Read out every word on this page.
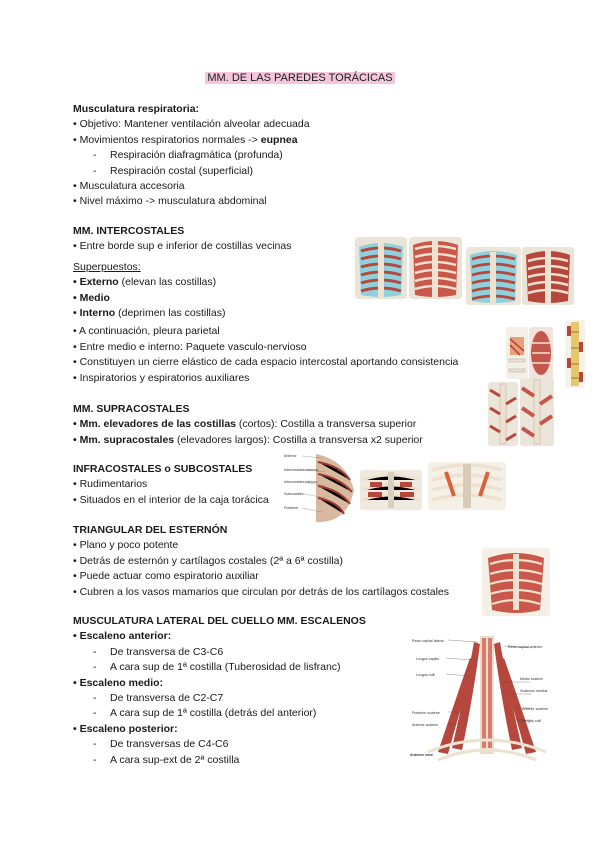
MM. DE LAS PAREDES TORÁCICAS
Musculatura respiratoria:
• Objetivo: Mantener ventilación alveolar adecuada
• Movimientos respiratorios normales -> eupnea
- Respiración diafragmática (profunda)
- Respiración costal (superficial)
• Musculatura accesoria
• Nivel máximo -> musculatura abdominal
MM. INTERCOSTALES
• Entre borde sup e inferior de costillas vecinas
Superpuestos:
• Externo (elevan las costillas)
• Medio
• Interno (deprimen las costillas)
• A continuación, pleura parietal
• Entre medio e interno: Paquete vasculo-nervioso
• Constituyen un cierre elástico de cada espacio intercostal aportando consistencia
• Inspiratorios y espiratorios auxiliares
MM. SUPRACOSTALES
• Mm. elevadores de las costillas (cortos): Costilla a transversa superior
• Mm. supracostales (elevadores largos): Costilla a transversa x2 superior
INFRACOSTALES o SUBCOSTALES
• Rudimentarios
• Situados en el interior de la caja torácica
TRIANGULAR DEL ESTERNÓN
• Plano y poco potente
• Detrás de esternón y cartílagos costales (2ª a 6ª costilla)
• Puede actuar como espiratorio auxiliar
• Cubren a los vasos mamarios que circulan por detrás de los cartílagos costales
MUSCULATURA LATERAL DEL CUELLO MM. ESCALENOS
• Escaleno anterior:
- De transversa de C3-C6
- A cara sup de 1ª costilla (Tuberosidad de lisfranc)
• Escaleno medio:
- De transversa de C2-C7
- A cara sup de 1ª costilla (detrás del anterior)
• Escaleno posterior:
- De transversas de C4-C6
- A cara sup-ext de 2ª costilla
Anterior
Intercostales internos
Intercostales íntimos
Subcostales
Posterior
Recto capital lateral
Recto capital anterior
Longus capitis
Longus colli
Medio scalene
Scalenus medius
Posterior scalene
Anterior scalene
Anterior scalene
Longus colli
Anterior view
